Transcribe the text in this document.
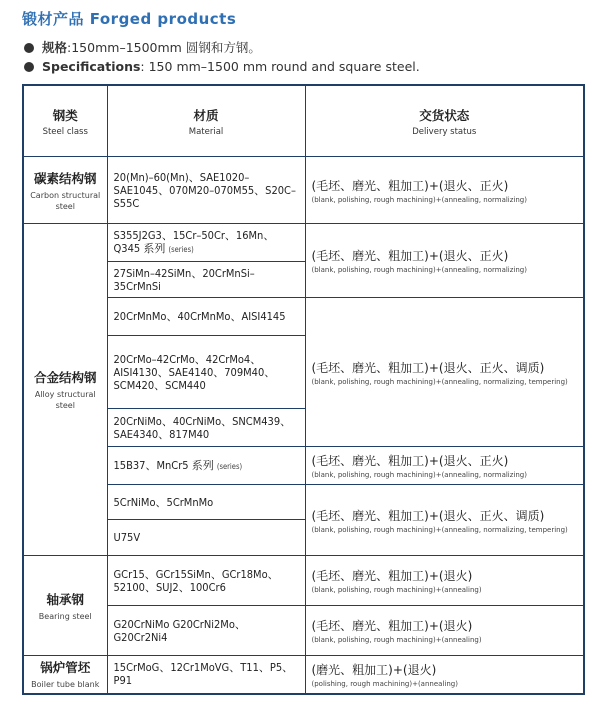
锻材产品 Forged products
规格:150mm–1500mm 圆钢和方钢。
Specifications: 150 mm–1500 mm round and square steel.
钢类
Steel class	材质
Material	交货状态
Delivery status

碳素结构钢
Carbon structural steel	20(Mn)–60(Mn)、SAE1020–SAE1045、070M20–070M55、S20C–S55C	(毛坯、磨光、粗加工)+(退火、正火)
(blank, polishing, rough machining)+(annealing, normalizing)

合金结构钢
Alloy structural steel	S355J2G3、15Cr–50Cr、16Mn、Q345 系列 (series)	(毛坯、磨光、粗加工)+(退火、正火)
(blank, polishing, rough machining)+(annealing, normalizing)

	27SiMn–42SiMn、20CrMnSi–35CrMnSi	
	20CrMnMo、40CrMnMo、AISI4145	(毛坯、磨光、粗加工)+(退火、正火、调质)
(blank, polishing, rough machining)+(annealing, normalizing, tempering)

	20CrMo–42CrMo、42CrMo4、AISI4130、SAE4140、709M40、SCM420、SCM440	
	20CrNiMo、40CrNiMo、SNCM439、SAE4340、817M40	
	15B37、MnCr5 系列 (series)	(毛坯、磨光、粗加工)+(退火、正火)
(blank, polishing, rough machining)+(annealing, normalizing)

	5CrNiMo、5CrMnMo	(毛坯、磨光、粗加工)+(退火、正火、调质)
(blank, polishing, rough machining)+(annealing, normalizing, tempering)

	U75V	

轴承钢
Bearing steel	GCr15、GCr15SiMn、GCr18Mo、52100、SUJ2、100Cr6	(毛坯、磨光、粗加工)+(退火)
(blank, polishing, rough machining)+(annealing)

	G20CrNiMo G20CrNi2Mo、G20Cr2Ni4	(毛坯、磨光、粗加工)+(退火)
(blank, polishing, rough machining)+(annealing)

锅炉管坯
Boiler tube blank	15CrMoG、12Cr1MoVG、T11、P5、P91	(磨光、粗加工)+(退火)
(polishing, rough machining)+(annealing)
